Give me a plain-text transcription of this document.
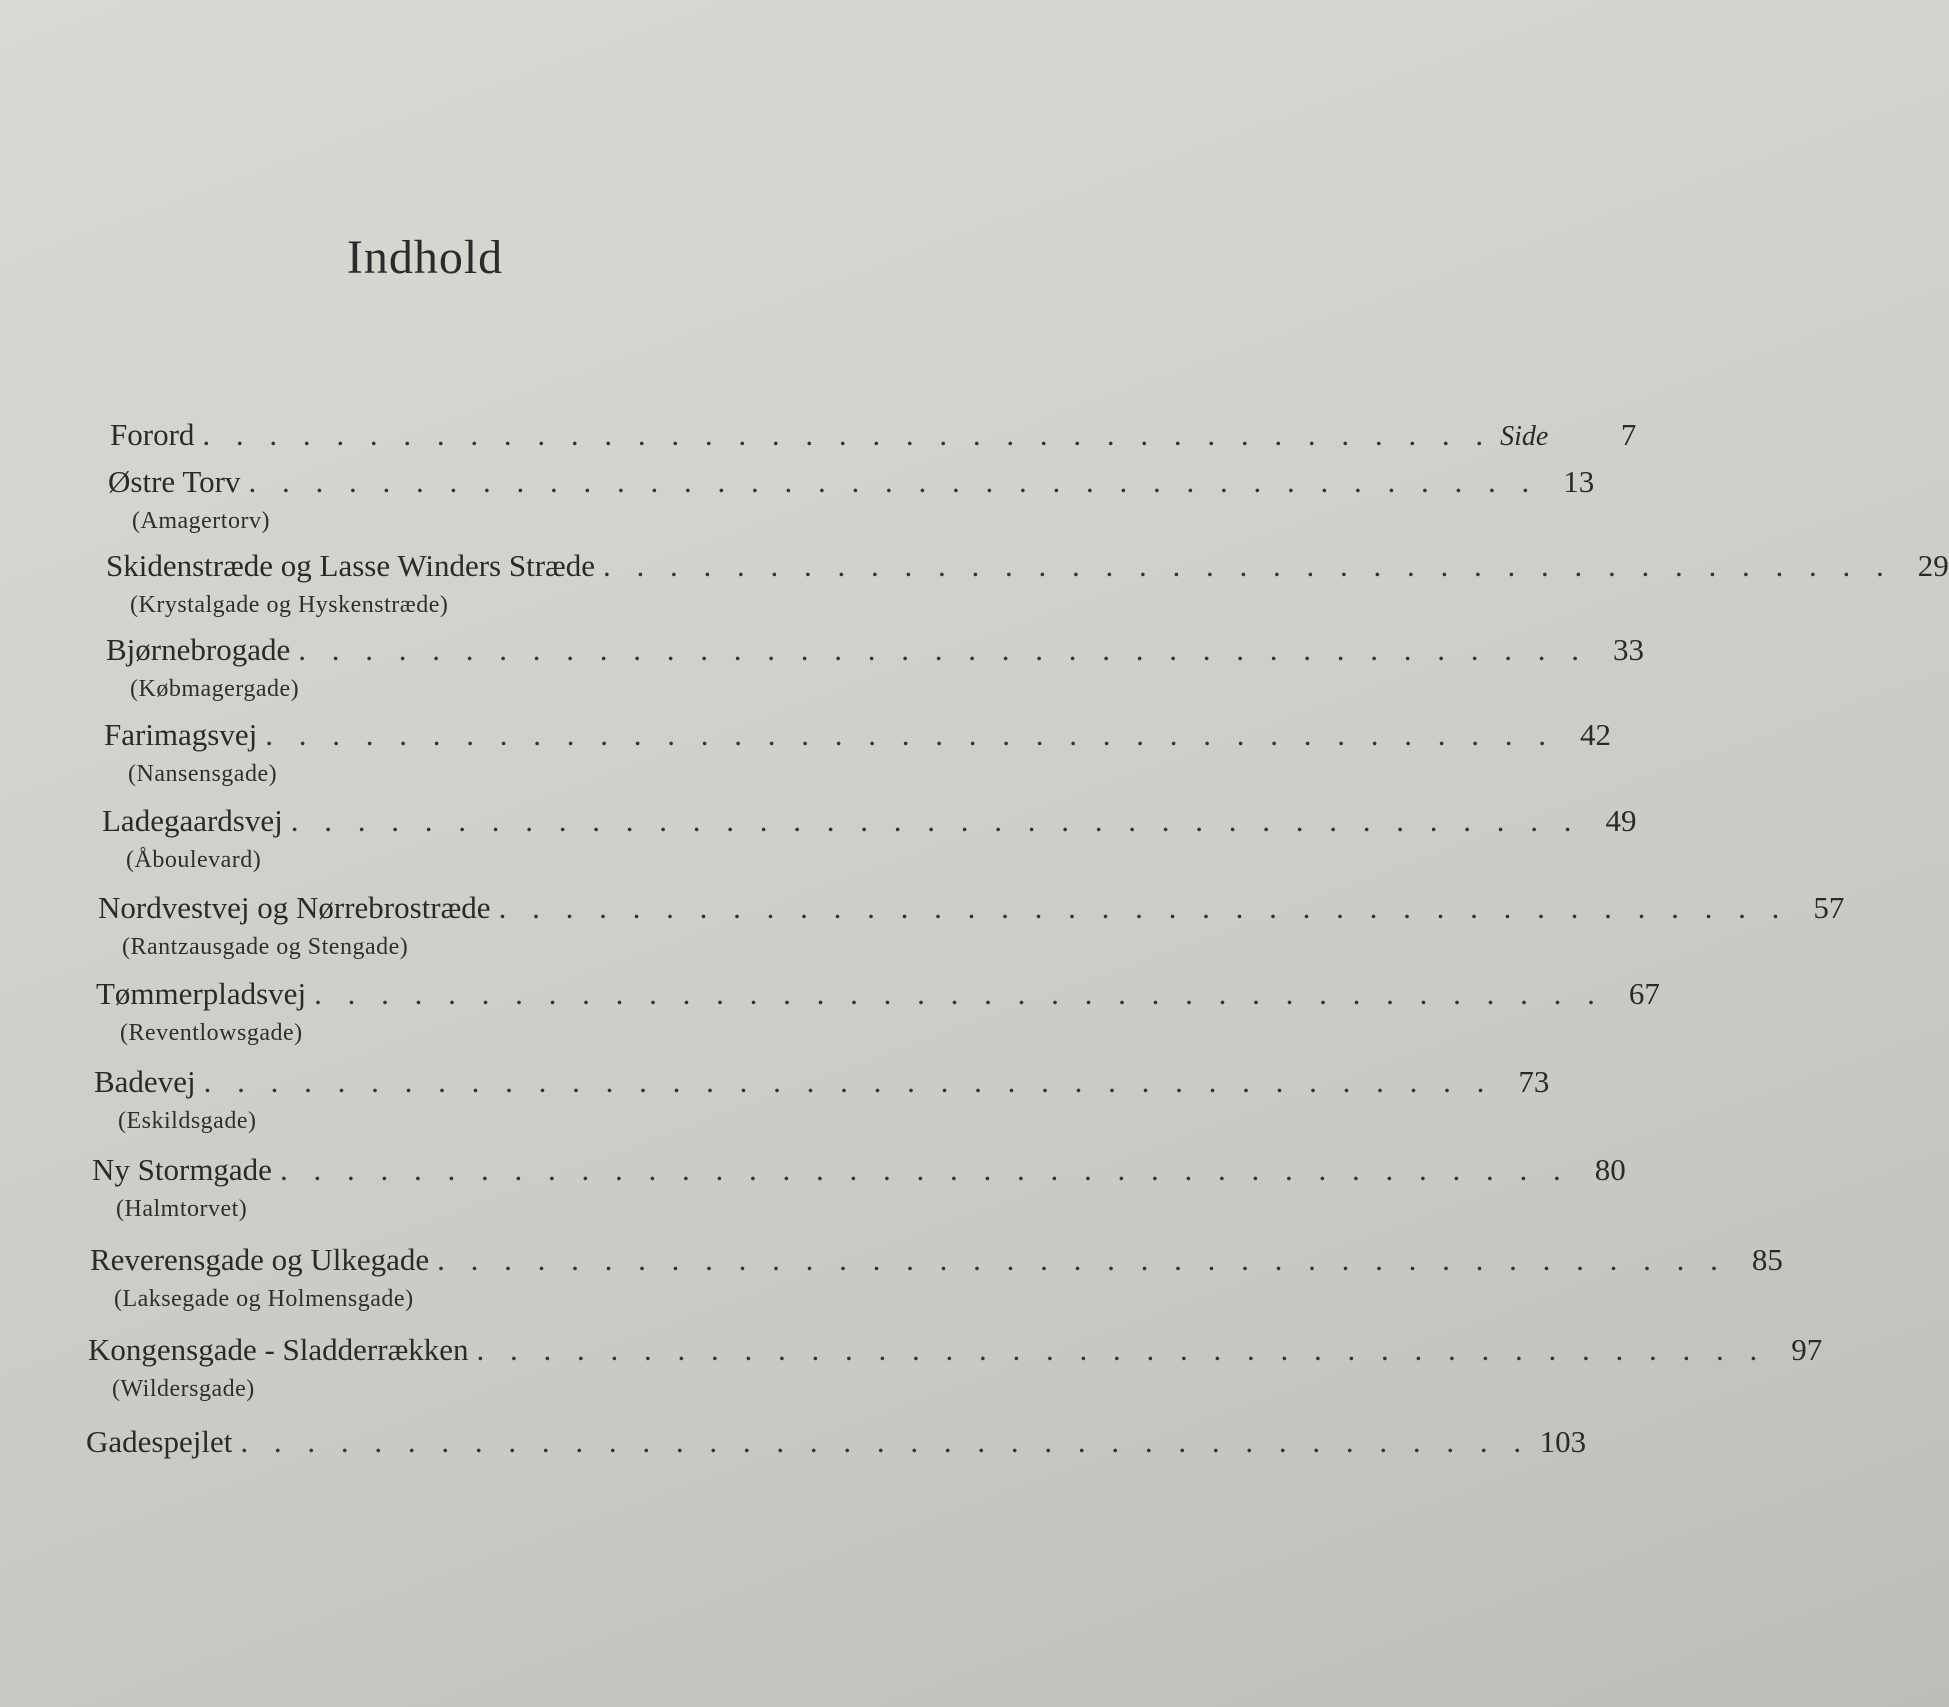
Indhold
Forord . . . . . . . . . . . . . . . . . . . . . . . . . . . . . . . . . . . . . . . Side	7
Østre Torv . . . . . . . . . . . . . . . . . . . . . . . . . . . . . . . . . . . . . . . 13
(Amagertorv)
Skidenstræde og Lasse Winders Stræde . . . . . . . . . . . . . . . . . . . . . . . . . . . . . . . . . . . . . . . 29
(Krystalgade og Hyskenstræde)
Bjørnebrogade . . . . . . . . . . . . . . . . . . . . . . . . . . . . . . . . . . . . . . . 33
(Købmagergade)
Farimagsvej . . . . . . . . . . . . . . . . . . . . . . . . . . . . . . . . . . . . . . . 42
(Nansensgade)
Ladegaardsvej . . . . . . . . . . . . . . . . . . . . . . . . . . . . . . . . . . . . . . . 49
(Åboulevard)
Nordvestvej og Nørrebrostræde . . . . . . . . . . . . . . . . . . . . . . . . . . . . . . . . . . . . . . . 57
(Rantzausgade og Stengade)
Tømmerpladsvej . . . . . . . . . . . . . . . . . . . . . . . . . . . . . . . . . . . . . . . 67
(Reventlowsgade)
Badevej . . . . . . . . . . . . . . . . . . . . . . . . . . . . . . . . . . . . . . . 73
(Eskildsgade)
Ny Stormgade . . . . . . . . . . . . . . . . . . . . . . . . . . . . . . . . . . . . . . . 80
(Halmtorvet)
Reverensgade og Ulkegade . . . . . . . . . . . . . . . . . . . . . . . . . . . . . . . . . . . . . . . 85
(Laksegade og Holmensgade)
Kongensgade - Sladderrækken . . . . . . . . . . . . . . . . . . . . . . . . . . . . . . . . . . . . . . . 97
(Wildersgade)
Gadespejlet . . . . . . . . . . . . . . . . . . . . . . . . . . . . . . . . . . . . . . . 103
